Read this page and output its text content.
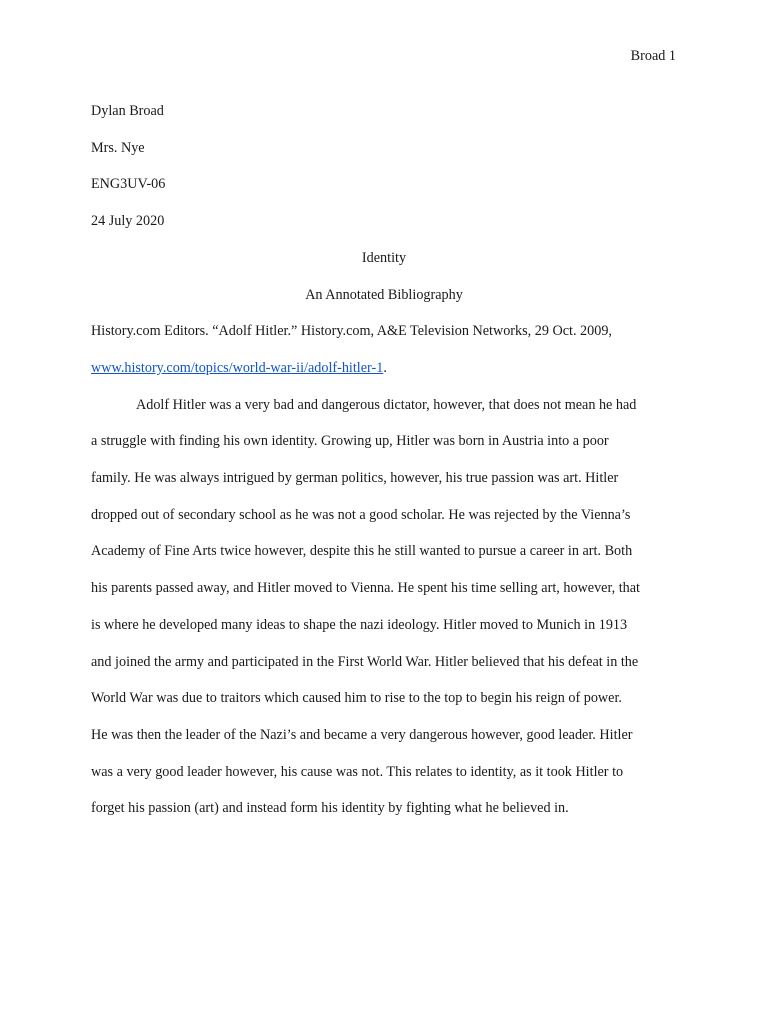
Broad 1
Dylan Broad
Mrs. Nye
ENG3UV-06
24 July 2020
Identity
An Annotated Bibliography
History.com Editors. “Adolf Hitler.” History.com, A&E Television Networks, 29 Oct. 2009,
www.history.com/topics/world-war-ii/adolf-hitler-1.
Adolf Hitler was a very bad and dangerous dictator, however, that does not mean he had
a struggle with finding his own identity. Growing up, Hitler was born in Austria into a poor
family. He was always intrigued by german politics, however, his true passion was art. Hitler
dropped out of secondary school as he was not a good scholar. He was rejected by the Vienna’s
Academy of Fine Arts twice however, despite this he still wanted to pursue a career in art. Both
his parents passed away, and Hitler moved to Vienna. He spent his time selling art, however, that
is where he developed many ideas to shape the nazi ideology. Hitler moved to Munich in 1913
and joined the army and participated in the First World War. Hitler believed that his defeat in the
World War was due to traitors which caused him to rise to the top to begin his reign of power.
He was then the leader of the Nazi’s and became a very dangerous however, good leader. Hitler
was a very good leader however, his cause was not. This relates to identity, as it took Hitler to
forget his passion (art) and instead form his identity by fighting what he believed in.
